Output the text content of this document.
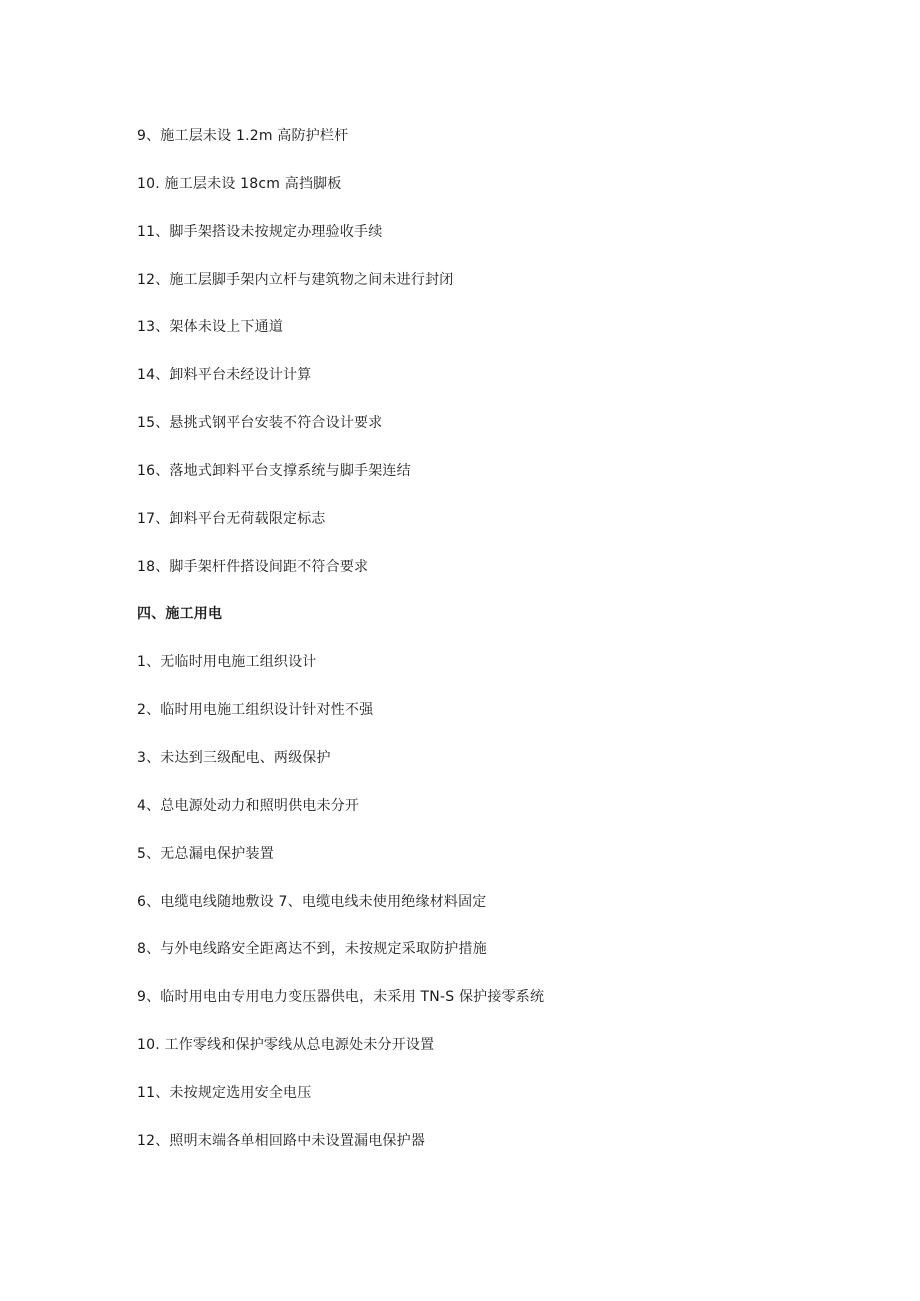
9、施工层未设 1.2m 高防护栏杆
10. 施工层未设 18cm 高挡脚板
11、脚手架搭设未按规定办理验收手续
12、施工层脚手架内立杆与建筑物之间未进行封闭
13、架体未设上下通道
14、卸料平台未经设计计算
15、悬挑式钢平台安装不符合设计要求
16、落地式卸料平台支撑系统与脚手架连结
17、卸料平台无荷载限定标志
18、脚手架杆件搭设间距不符合要求
四、施工用电
1、无临时用电施工组织设计
2、临时用电施工组织设计针对性不强
3、未达到三级配电、两级保护
4、总电源处动力和照明供电未分开
5、无总漏电保护装置
6、电缆电线随地敷设 7、电缆电线未使用绝缘材料固定
8、与外电线路安全距离达不到，未按规定采取防护措施
9、临时用电由专用电力变压器供电，未采用 TN-S 保护接零系统
10. 工作零线和保护零线从总电源处未分开设置
11、未按规定选用安全电压
12、照明末端各单相回路中未设置漏电保护器
